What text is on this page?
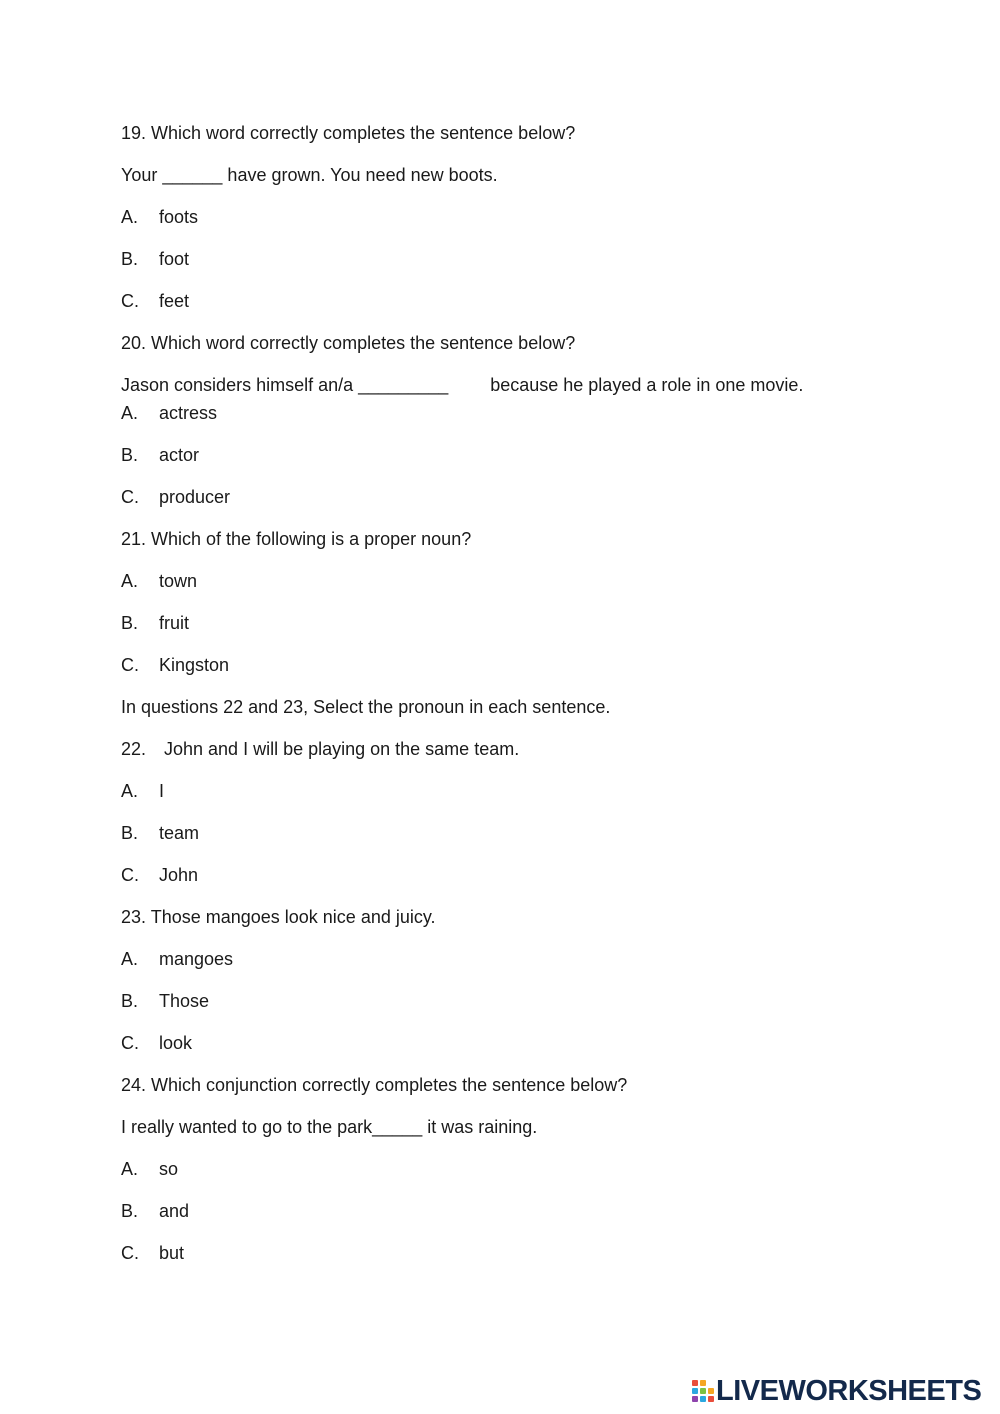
19. Which word correctly completes the sentence below?
Your ______ have grown. You need new boots.
A. foots
B. foot
C. feet
20. Which word correctly completes the sentence below?
Jason considers himself an/a _________ because he played a role in one movie.
A. actress
B. actor
C. producer
21. Which of the following is a proper noun?
A. town
B. fruit
C. Kingston
In questions 22 and 23, Select the pronoun in each sentence.
22. John and I will be playing on the same team.
A. I
B. team
C. John
23. Those mangoes look nice and juicy.
A. mangoes
B. Those
C. look
24. Which conjunction correctly completes the sentence below?
I really wanted to go to the park_____ it was raining.
A. so
B. and
C. but
LIVEWORKSHEETS
